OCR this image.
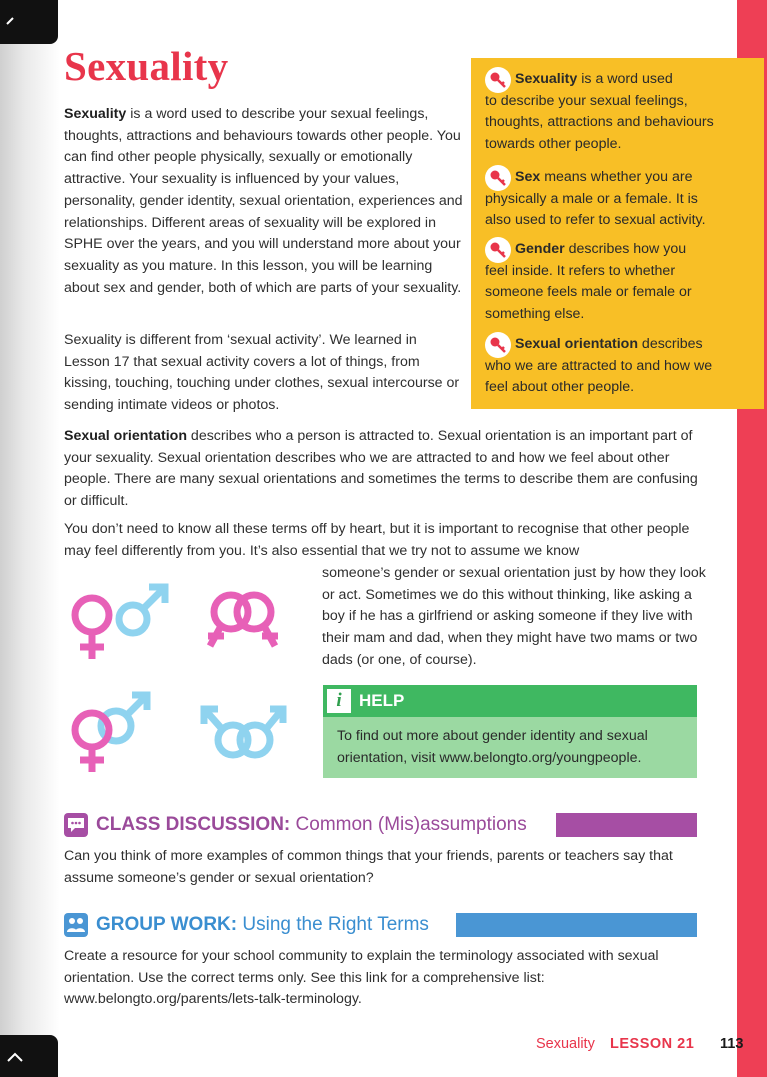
Sexuality

Sexuality is a word used to describe your sexual feelings, thoughts, attractions and behaviours towards other people. You can find other people physically, sexually or emotionally attractive. Your sexuality is influenced by your values, personality, gender identity, sexual orientation, experiences and relationships. Different areas of sexuality will be explored in SPHE over the years, and you will understand more about your sexuality as you mature. In this lesson, you will be learning about sex and gender, both of which are parts of your sexuality.

Sexuality is different from ‘sexual activity’. We learned in Lesson 17 that sexual activity covers a lot of things, from kissing, touching, touching under clothes, sexual intercourse or sending intimate videos or photos.

Sexuality is a word used
to describe your sexual feelings, thoughts, attractions and behaviours towards other people.
Sex means whether you are
physically a male or a female. It is also used to refer to sexual activity.
Gender describes how you
feel inside. It refers to whether someone feels male or female or something else.
Sexual orientation describes
who we are attracted to and how we feel about other people.

Sexual orientation describes who a person is attracted to. Sexual orientation is an important part of your sexuality. Sexual orientation describes who we are attracted to and how we feel about other people. There are many sexual orientations and sometimes the terms to describe them are confusing or difficult.

You don’t need to know all these terms off by heart, but it is important to recognise that other people may feel differently from you. It’s also essential that we try not to assume we know

someone’s gender or sexual orientation just by how they look or act. Sometimes we do this without thinking, like asking a boy if he has a girlfriend or asking someone if they live with their mam and dad, when they might have two mams or two dads (or one, of course).

i	HELP
To find out more about gender identity and sexual orientation, visit www.belongto.org/youngpeople.
CLASS DISCUSSION: Common (Mis)assumptions

Can you think of more examples of common things that your friends, parents or teachers say that assume someone’s gender or sexual orientation?

GROUP WORK: Using the Right Terms

Create a resource for your school community to explain the terminology associated with sexual orientation. Use the correct terms only. See this link for a comprehensive list: www.belongto.org/parents/lets-talk-terminology.

Sexuality LESSON 21 113
